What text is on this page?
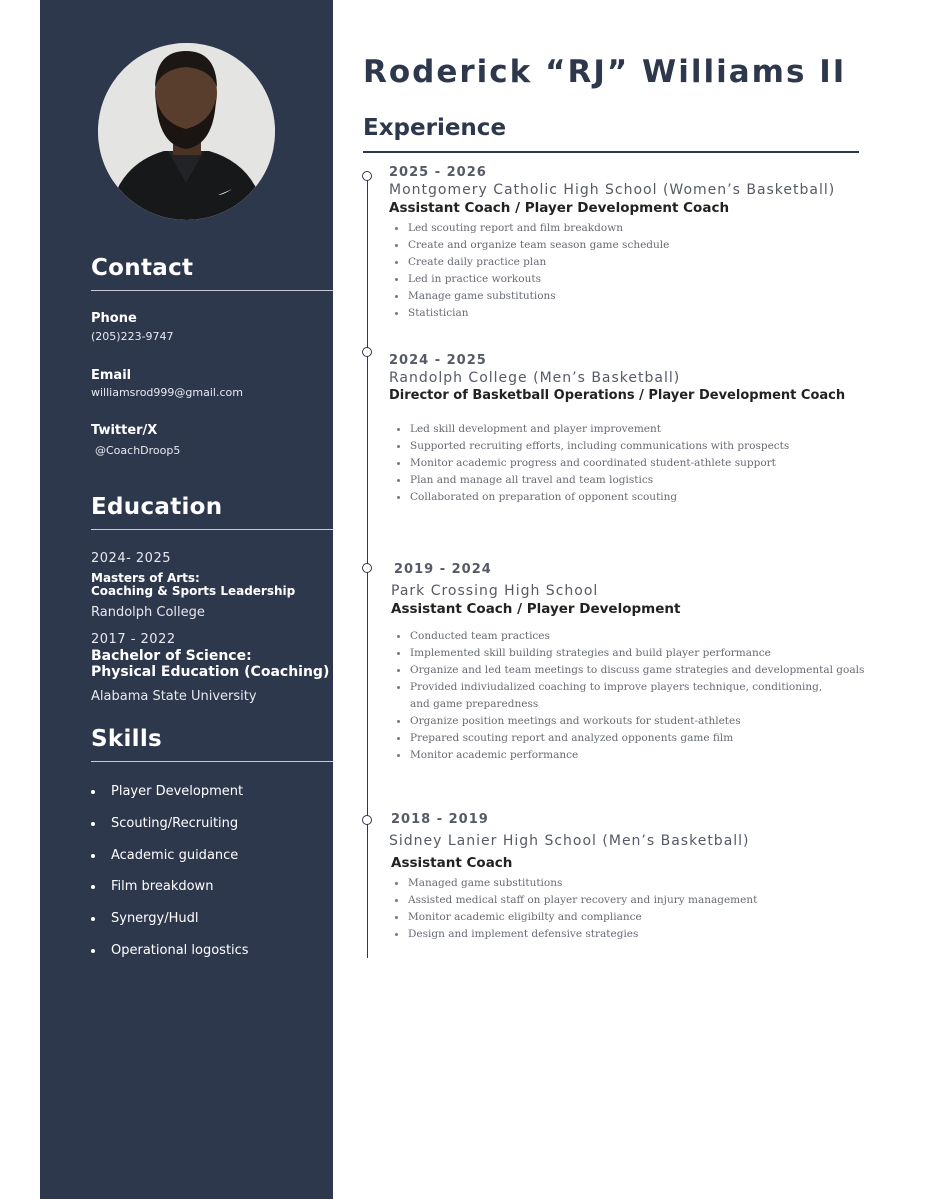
Contact
Phone
(205)223-9747
Email
williamsrod999@gmail.com
Twitter/X
@CoachDroop5
Education
2024- 2025
Masters of Arts:
Coaching & Sports Leadership
Randolph College
2017 - 2022
Bachelor of Science:
Physical Education (Coaching)
Alabama State University
Skills
Player Development
Scouting/Recruiting
Academic guidance
Film breakdown
Synergy/Hudl
Operational logostics
Roderick “RJ” Williams II
Experience
2025 - 2026
Montgomery Catholic High School (Women’s Basketball)
Assistant Coach / Player Development Coach
Led scouting report and film breakdown
Create and organize team season game schedule
Create daily practice plan
Led in practice workouts
Manage game substitutions
Statistician
2024 - 2025
Randolph College (Men’s Basketball)
Director of Basketball Operations / Player Development Coach
Led skill development and player improvement
Supported recruiting efforts, including communications with prospects
Monitor academic progress and coordinated student-athlete support
Plan and manage all travel and team logistics
Collaborated on preparation of opponent scouting
2019 - 2024
Park Crossing High School
Assistant Coach / Player Development
Conducted team practices
Implemented skill building strategies and build player performance
Organize and led team meetings to discuss game strategies and developmental goals
Provided indiviudalized coaching to improve players technique, conditioning, and game preparedness
Organize position meetings and workouts for student-athletes
Prepared scouting report and analyzed opponents game film
Monitor academic performance
2018 - 2019
Sidney Lanier High School (Men’s Basketball)
Assistant Coach
Managed game substitutions
Assisted medical staff on player recovery and injury management
Monitor academic eligibilty and compliance
Design and implement defensive strategies
